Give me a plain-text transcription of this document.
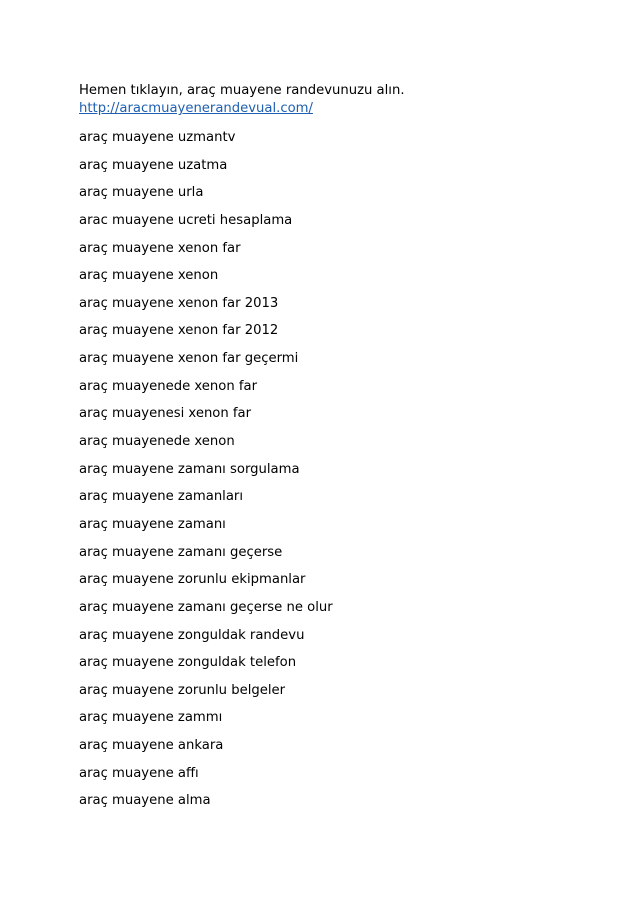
Hemen tıklayın, araç muayene randevunuzu alın.
http://aracmuayenerandevual.com/
araç muayene uzmantv
araç muayene uzatma
araç muayene urla
arac muayene ucreti hesaplama
araç muayene xenon far
araç muayene xenon
araç muayene xenon far 2013
araç muayene xenon far 2012
araç muayene xenon far geçermi
araç muayenede xenon far
araç muayenesi xenon far
araç muayenede xenon
araç muayene zamanı sorgulama
araç muayene zamanları
araç muayene zamanı
araç muayene zamanı geçerse
araç muayene zorunlu ekipmanlar
araç muayene zamanı geçerse ne olur
araç muayene zonguldak randevu
araç muayene zonguldak telefon
araç muayene zorunlu belgeler
araç muayene zammı
araç muayene ankara
araç muayene affı
araç muayene alma
